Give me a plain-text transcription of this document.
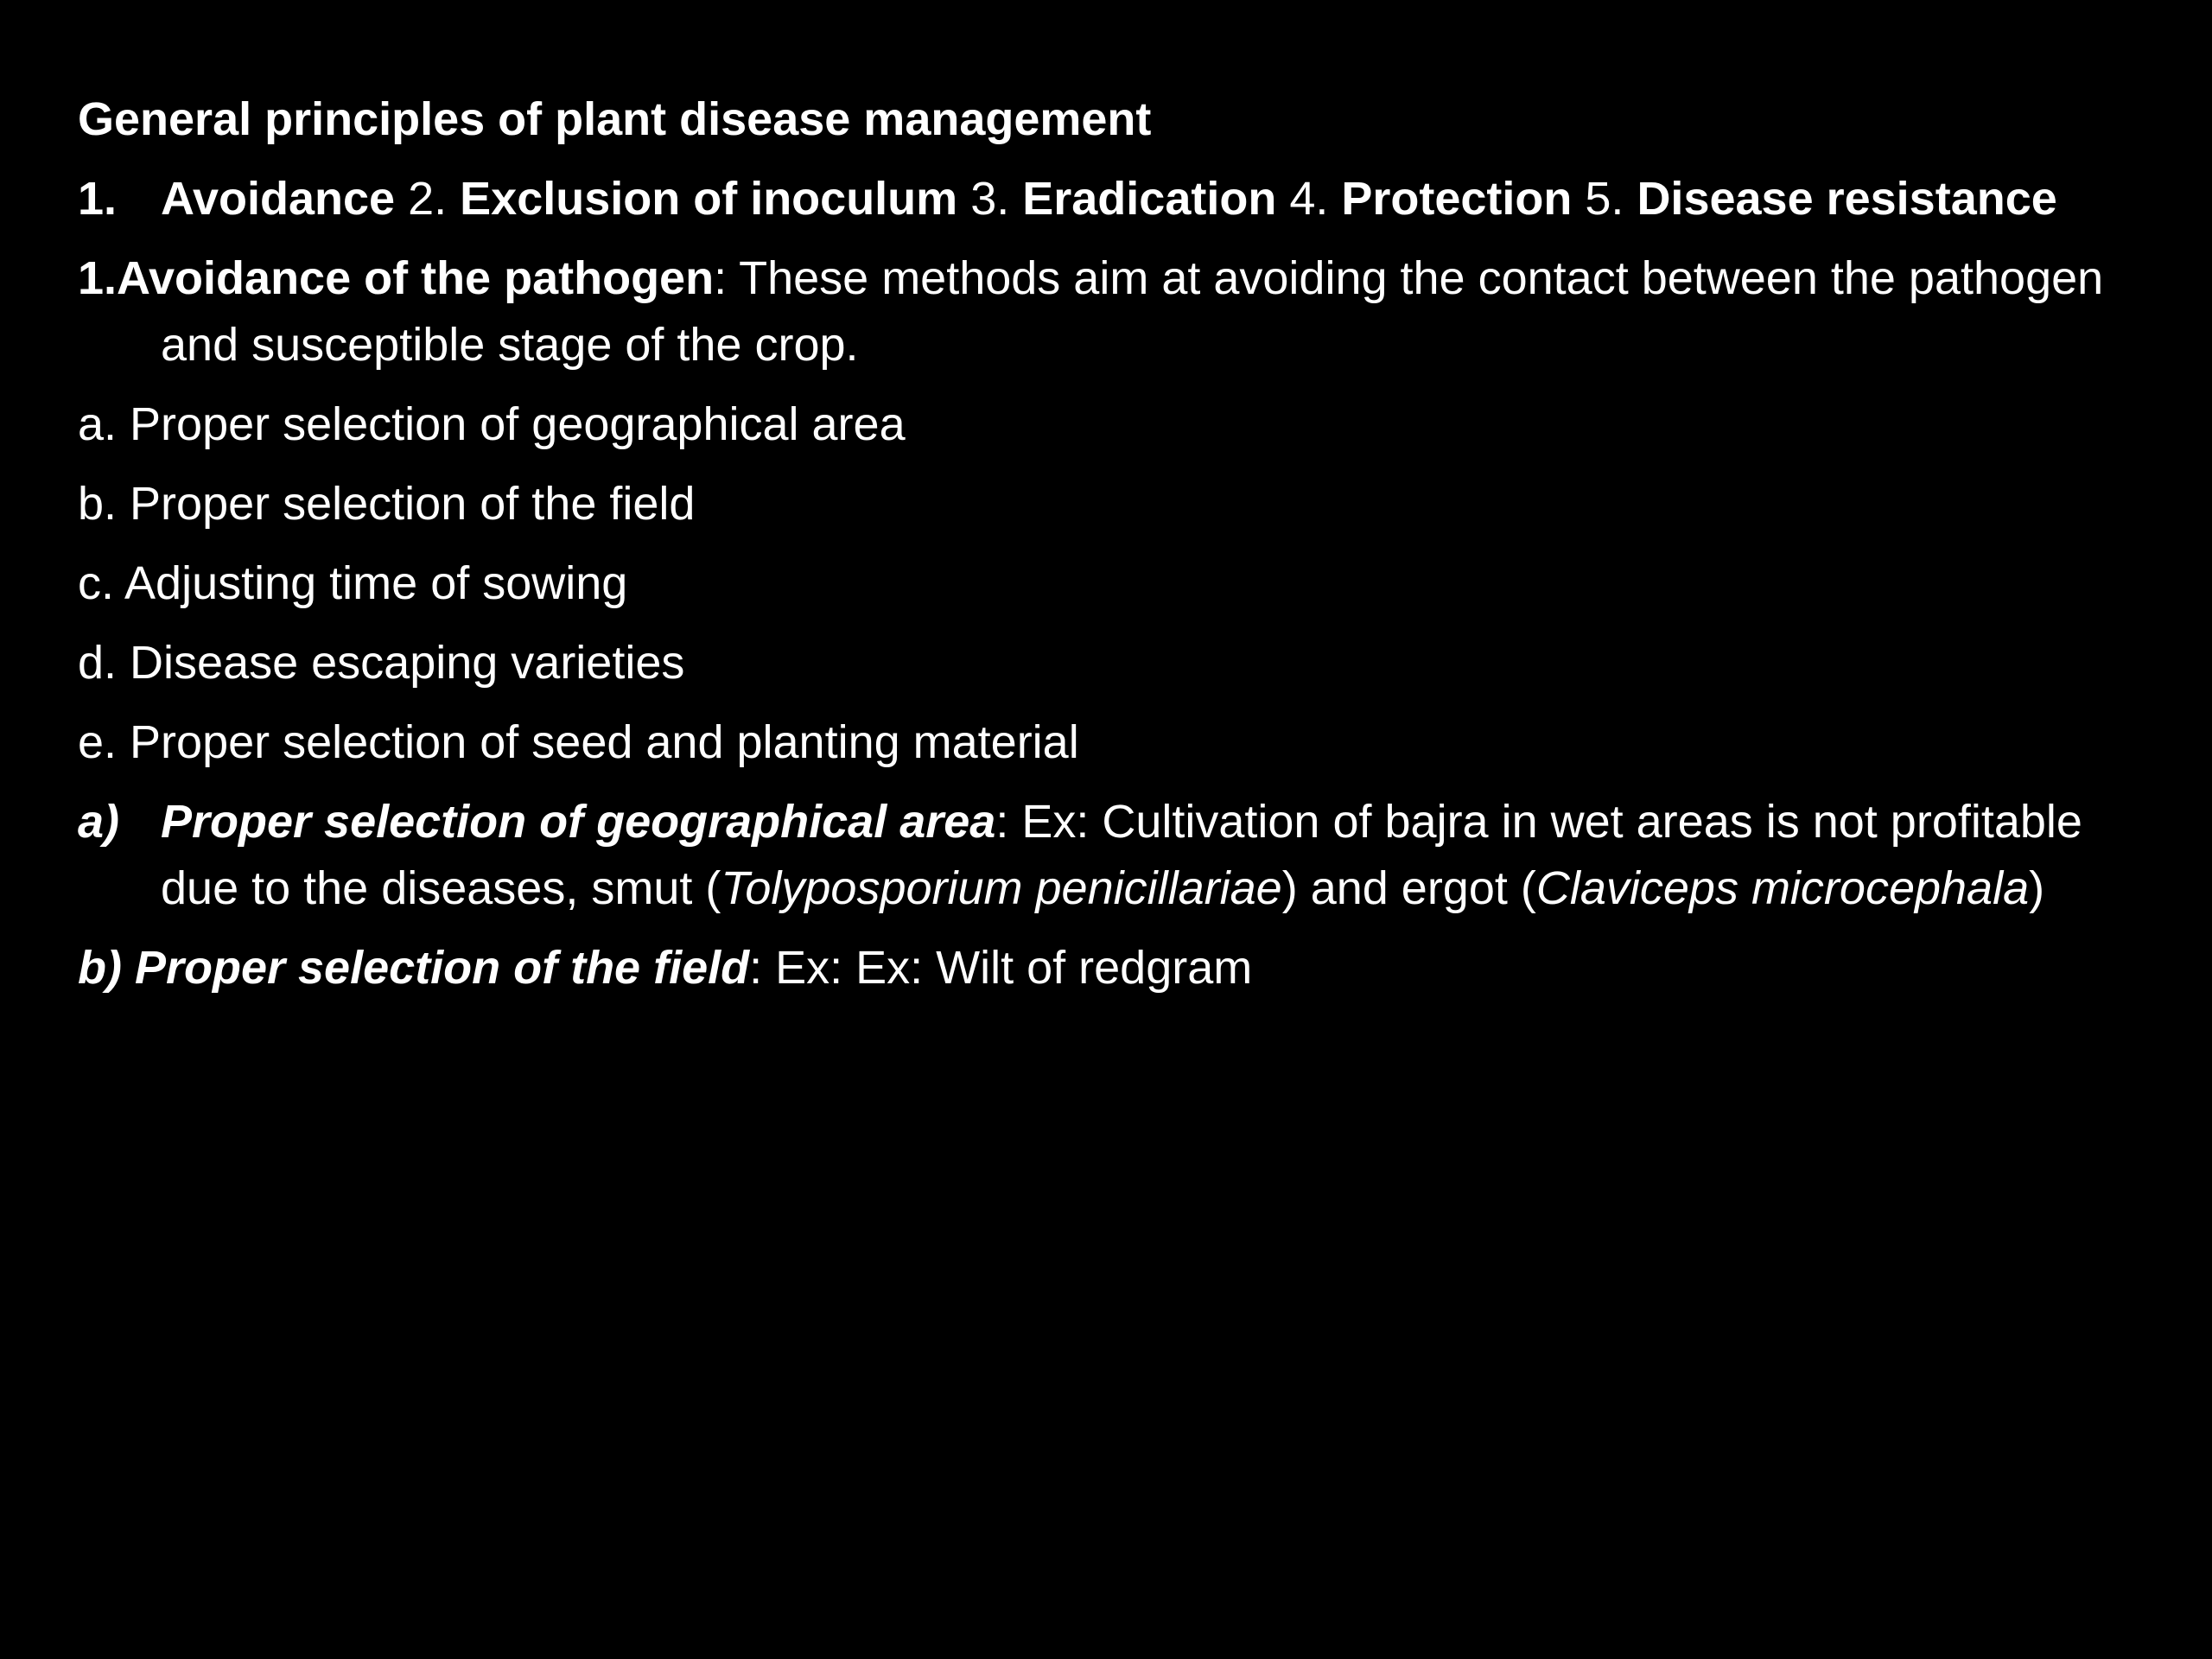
General principles of plant disease management
1. Avoidance 2. Exclusion of inoculum 3. Eradication 4. Protection 5. Disease resistance
1.Avoidance of the pathogen: These methods aim at avoiding the contact between the pathogen and susceptible stage of the crop.
a. Proper selection of geographical area
b. Proper selection of the field
c. Adjusting time of sowing
d. Disease escaping varieties
e. Proper selection of seed and planting material
a) Proper selection of geographical area: Ex: Cultivation of bajra in wet areas is not profitable due to the diseases, smut (Tolyposporium penicillariae) and ergot (Claviceps microcephala)
b) Proper selection of the field: Ex: Ex: Wilt of redgram
